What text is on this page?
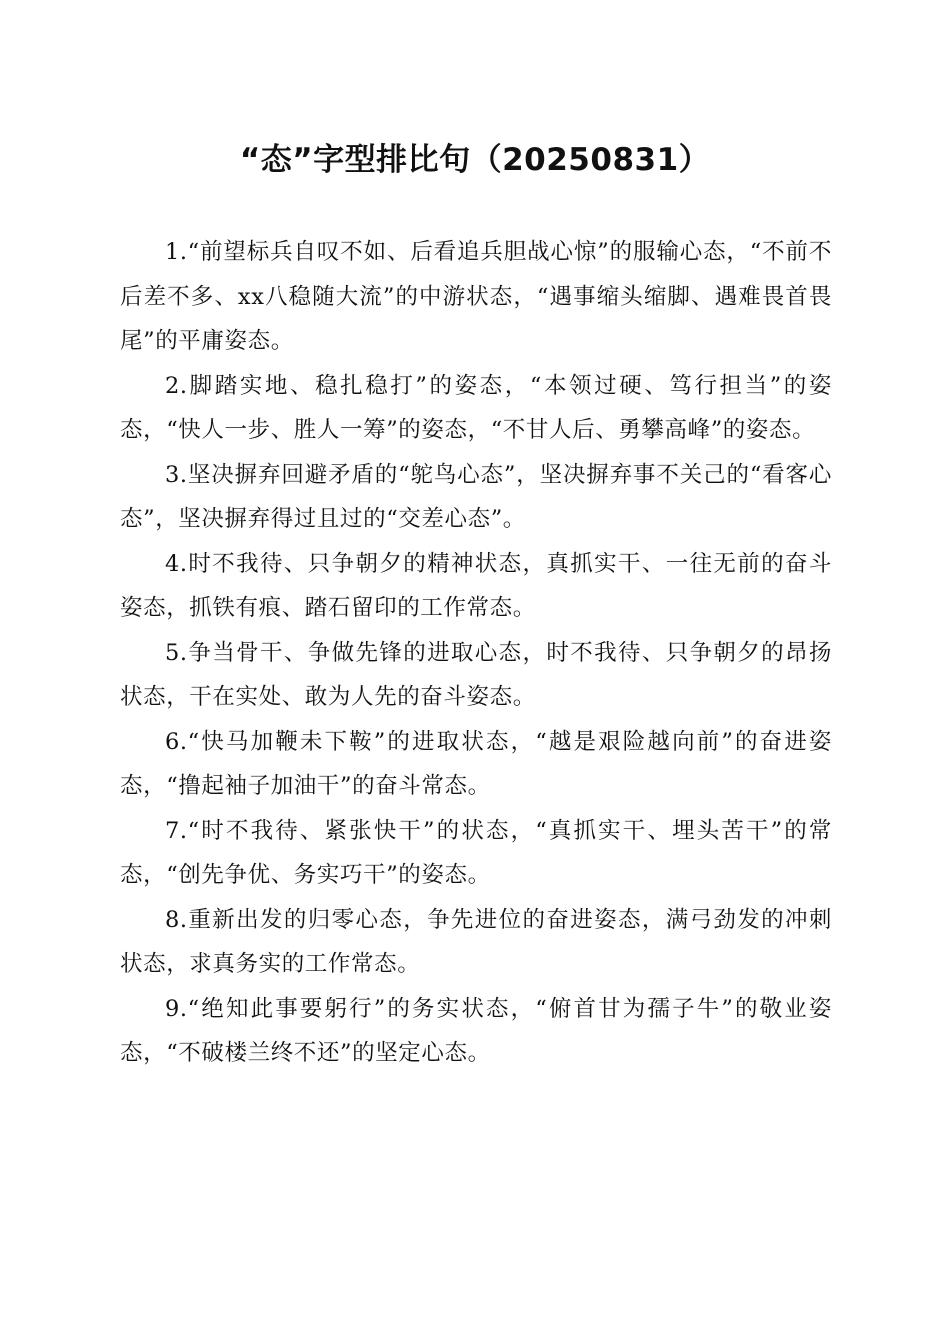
“态”字型排比句（20250831）

1.“前望标兵自叹不如、后看追兵胆战心惊”的服输心态，“不前不后差不多、xx八稳随大流”的中游状态，“遇事缩头缩脚、遇难畏首畏尾”的平庸姿态。

2.脚踏实地、稳扎稳打”的姿态，“本领过硬、笃行担当”的姿态，“快人一步、胜人一筹”的姿态，“不甘人后、勇攀高峰”的姿态。

3.坚决摒弃回避矛盾的“鸵鸟心态”，坚决摒弃事不关己的“看客心态”，坚决摒弃得过且过的“交差心态”。

4.时不我待、只争朝夕的精神状态，真抓实干、一往无前的奋斗姿态，抓铁有痕、踏石留印的工作常态。

5.争当骨干、争做先锋的进取心态，时不我待、只争朝夕的昂扬状态，干在实处、敢为人先的奋斗姿态。

6.“快马加鞭未下鞍”的进取状态，“越是艰险越向前”的奋进姿态，“撸起袖子加油干”的奋斗常态。

7.“时不我待、紧张快干”的状态，“真抓实干、埋头苦干”的常态，“创先争优、务实巧干”的姿态。

8.重新出发的归零心态，争先进位的奋进姿态，满弓劲发的冲刺状态，求真务实的工作常态。

9.“绝知此事要躬行”的务实状态，“俯首甘为孺子牛”的敬业姿态，“不破楼兰终不还”的坚定心态。
